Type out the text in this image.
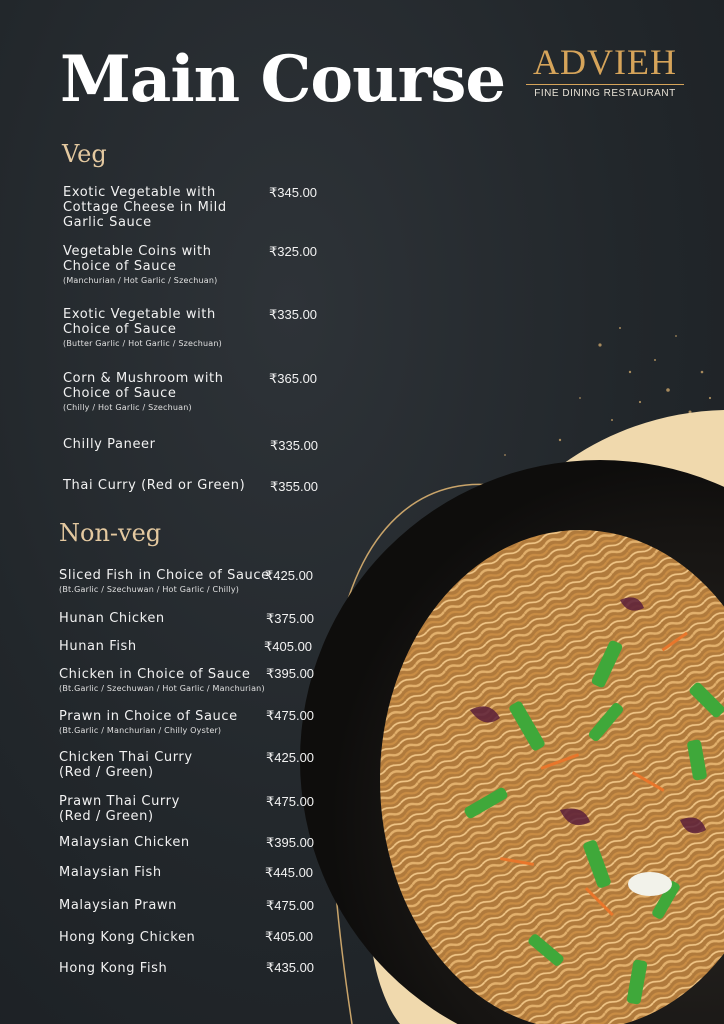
Main Course ADVIEH
FINE DINING RESTAURANT
Veg
Exotic Vegetable with Cottage Cheese in Mild Garlic Sauce
₹345.00
Vegetable Coins with Choice of Sauce
(Manchurian / Hot Garlic / Szechuan)
₹325.00
Exotic Vegetable with Choice of Sauce
(Butter Garlic / Hot Garlic / Szechuan)
₹335.00
Corn & Mushroom with Choice of Sauce
(Chilly / Hot Garlic / Szechuan)
₹365.00
Chilly Paneer	₹335.00
Thai Curry (Red or Green)	₹355.00
Non-veg
Sliced Fish in Choice of Sauce
(Bt.Garlic / Szechuwan / Hot Garlic / Chilly)
₹425.00
Hunan Chicken	₹375.00
Hunan Fish	₹405.00
Chicken in Choice of Sauce
(Bt.Garlic / Szechuwan / Hot Garlic / Manchurian)
₹395.00
Prawn in Choice of Sauce
(Bt.Garlic / Manchurian / Chilly Oyster)
₹475.00
Chicken Thai Curry (Red / Green)
₹425.00
Prawn Thai Curry (Red / Green)
₹475.00
Malaysian Chicken	₹395.00
Malaysian Fish	₹445.00
Malaysian Prawn	₹475.00
Hong Kong Chicken	₹405.00
Hong Kong Fish	₹435.00
